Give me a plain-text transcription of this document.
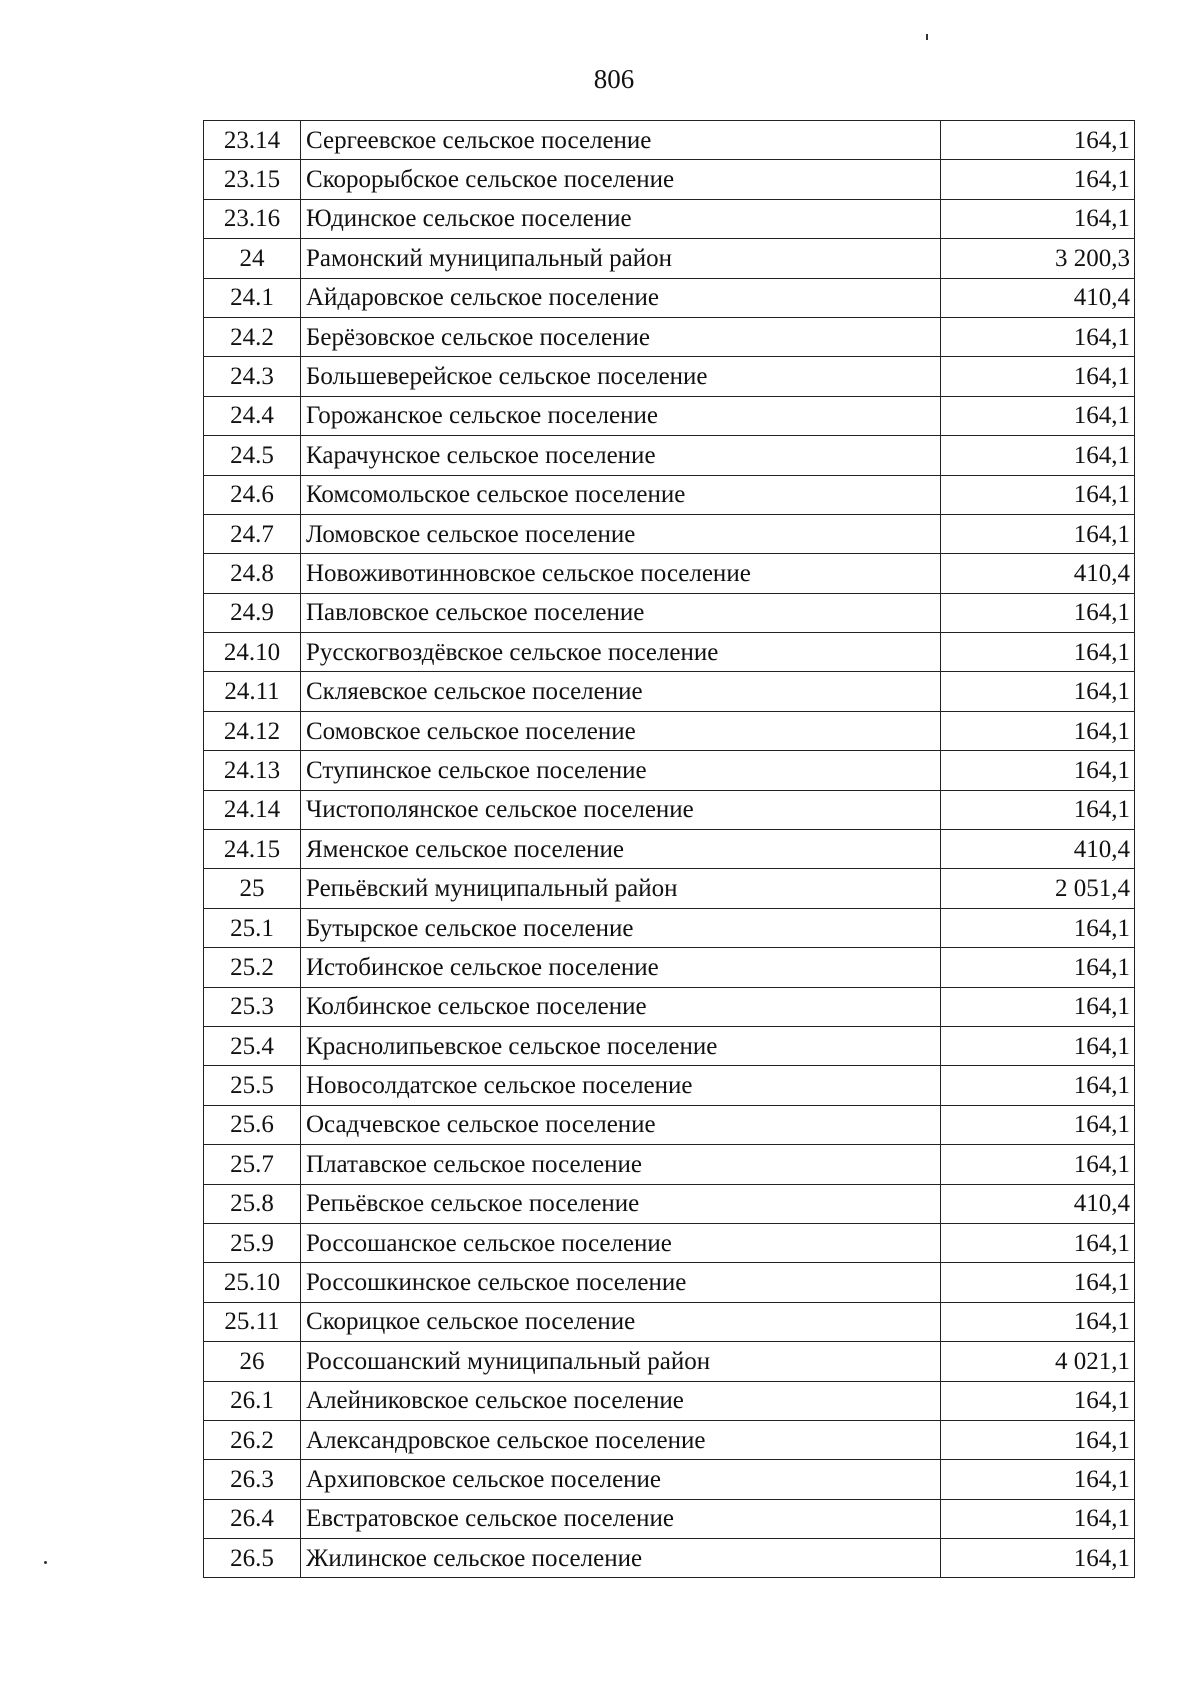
806
23.14	Сергеевское сельское поселение	164,1
23.15	Скорорыбское сельское поселение	164,1
23.16	Юдинское сельское поселение	164,1
24	Рамонский муниципальный район	3 200,3
24.1	Айдаровское сельское поселение	410,4
24.2	Берёзовское сельское поселение	164,1
24.3	Большеверейское сельское поселение	164,1
24.4	Горожанское сельское поселение	164,1
24.5	Карачунское сельское поселение	164,1
24.6	Комсомольское сельское поселение	164,1
24.7	Ломовское сельское поселение	164,1
24.8	Новоживотинновское сельское поселение	410,4
24.9	Павловское сельское поселение	164,1
24.10	Русскогвоздёвское сельское поселение	164,1
24.11	Скляевское сельское поселение	164,1
24.12	Сомовское сельское поселение	164,1
24.13	Ступинское сельское поселение	164,1
24.14	Чистополянское сельское поселение	164,1
24.15	Яменское сельское поселение	410,4
25	Репьёвский муниципальный район	2 051,4
25.1	Бутырское сельское поселение	164,1
25.2	Истобинское сельское поселение	164,1
25.3	Колбинское сельское поселение	164,1
25.4	Краснолипьевское сельское поселение	164,1
25.5	Новосолдатское сельское поселение	164,1
25.6	Осадчевское сельское поселение	164,1
25.7	Платавское сельское поселение	164,1
25.8	Репьёвское сельское поселение	410,4
25.9	Россошанское сельское поселение	164,1
25.10	Россошкинское сельское поселение	164,1
25.11	Скорицкое сельское поселение	164,1
26	Россошанский муниципальный район	4 021,1
26.1	Алейниковское сельское поселение	164,1
26.2	Александровское сельское поселение	164,1
26.3	Архиповское сельское поселение	164,1
26.4	Евстратовское сельское поселение	164,1
26.5	Жилинское сельское поселение	164,1
